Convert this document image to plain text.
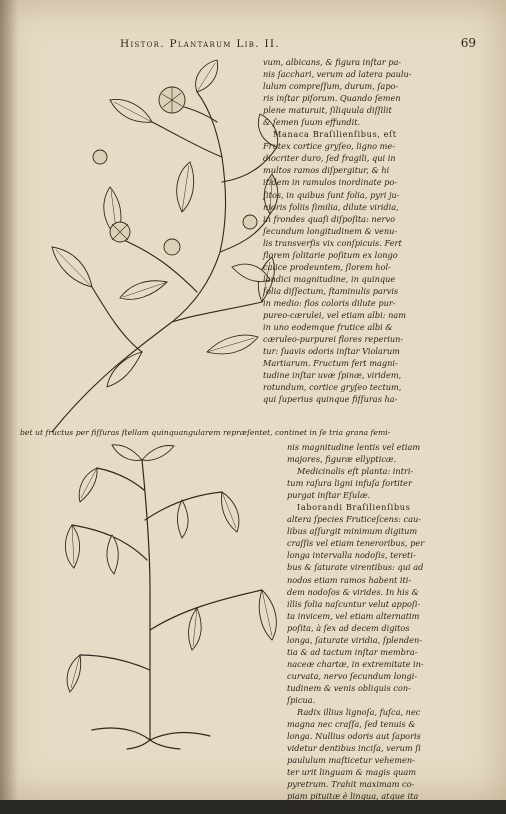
Histor. Plantarum Lib. II.	69
vum, albicans, & figura inſtar pa-
nis ſacchari, verum ad latera paulu-
lulum compreſſum, durum, ſapo-
ris inſtar piſorum. Quando ſemen
plene maturuit, ſiliquula diſſilit
& ſemen ſuum effundit.
Manaca Braſilienſibus, eſt
Frutex cortice gryſeo, ligno me-
diocriter duro, ſed fragili, qui in
multos ramos diſpergitur, & hi
itidem in ramulos inordinate po-
ſitos, in quibus ſunt folia, pyri ju-
nioris foliis ſimilia, dilute viridia,
in frondes quaſi diſpoſita: nervo
ſecundum longitudinem & venu-
lis transverſis vix conſpicuis. Fert
florem ſolitarie poſitum ex longo
calice prodeuntem, ſlorem hol-
landici magnitudine, in quinque
folia diſſectum, ſtaminulis parvis
in medio: flos coloris dilute pur-
pureo-cærulei, vel etiam albi: nam
in uno eodemque frutice albi &
cæruleo-purpurei flores reperiun-
tur: ſuavis odoris inſtar Violarum
Martiarum. Fructum fert magni-
tudine inſtar uvæ ſpinæ, viridem,
rotundum, cortice gryſeo tectum,
qui ſuperius quinque fiſſuras ha-
bet ut fructus per fiſſuras ſtellam quinquangularem repræſentet, continet in ſe tria grana femi-
nis magnitudine lentis vel etiam
majores, figuræ ellypticæ.
Medicinalis eſt planta: intri-
tum raſura ligni infuſa fortiter
purgat inſtar Eſulæ.
Iaborandi Braſilienſibus
altera ſpecies Fruticeſcens: cau-
libus aſſurgit minimum digitum
craſſis vel etiam teneroribus, per
longa intervalla nodoſis, tereti-
bus & ſaturate virentibus: qui ad
nodos etiam ramos habent iti-
dem nodoſos & virides. In his &
illis folia naſcuntur velut appoſi-
ta invicem, vel etiam alternatim
poſita, à ſex ad decem digitos
longa, ſaturate viridia, ſplenden-
tia & ad tactum inſtar membra-
naceæ chartæ, in extremitate in-
curvata, nervo ſecundum longi-
tudinem & venis obliquis con-
ſpicua.
Radix illius lignoſa, fuſca, nec
magna nec craſſa, ſed tenuis &
longa. Nullius odoris aut ſaporis
videtur dentibus inciſa, verum ſi
paululum maſticetur vehemen-
ter urit linguam & magis quam
pyretrum. Trahit maximam co-
piam pituitæ è lingua, atque ita
I 3 libe-
